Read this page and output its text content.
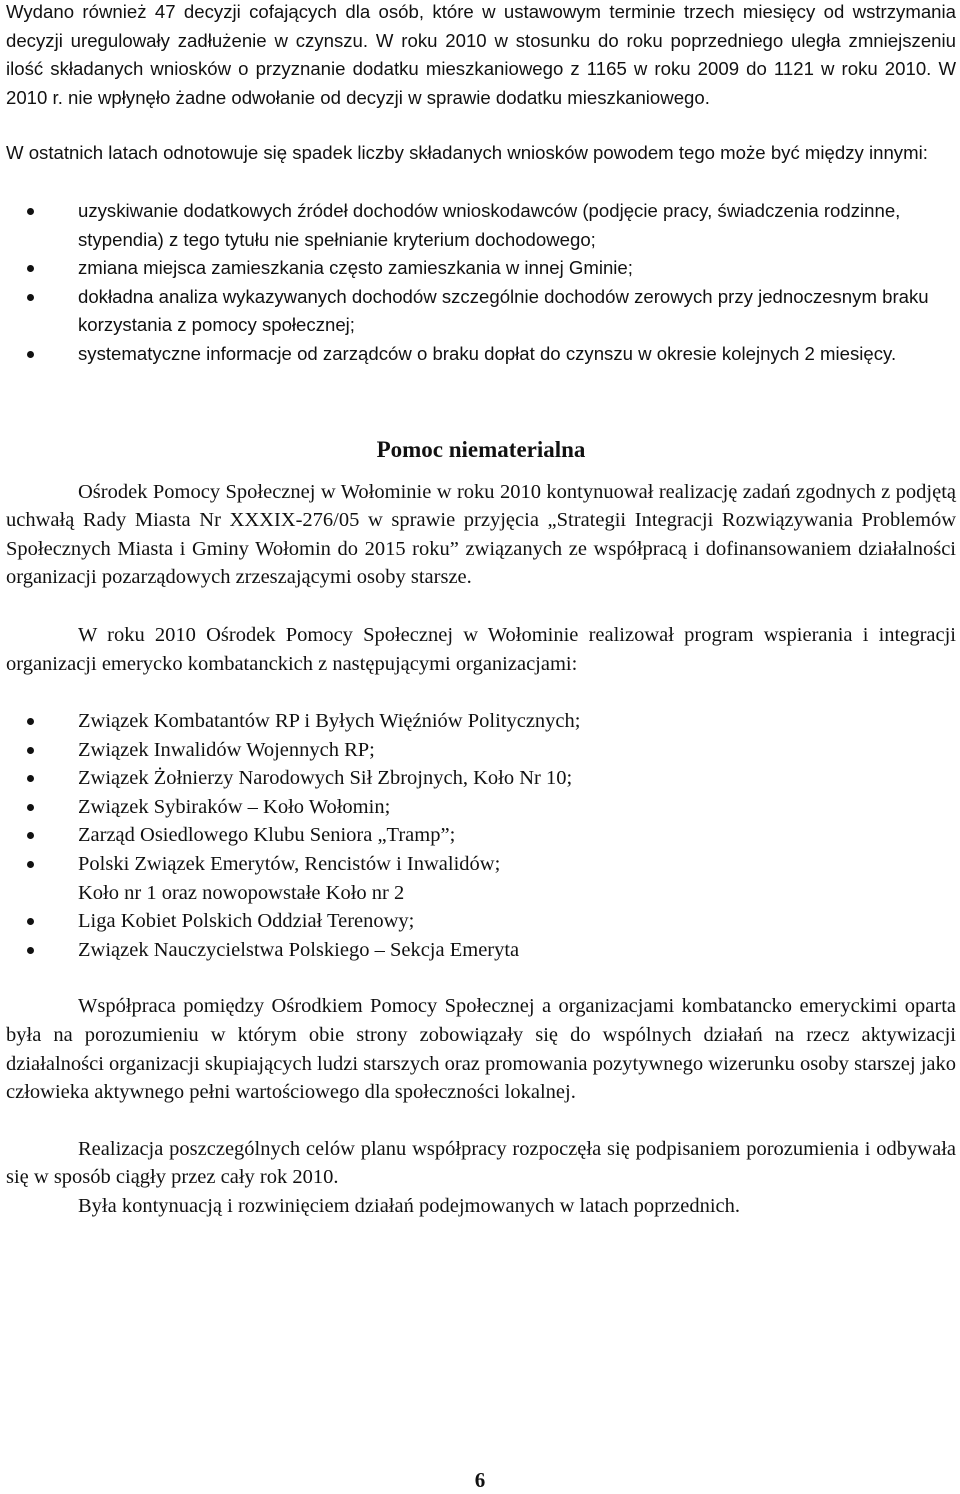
Wydano również 47 decyzji cofających dla osób, które w ustawowym terminie trzech miesięcy od wstrzymania decyzji uregulowały zadłużenie w czynszu. W roku 2010 w stosunku do roku poprzedniego uległa zmniejszeniu ilość składanych wniosków o przyznanie dodatku mieszkaniowego z 1165 w roku 2009 do 1121 w roku 2010. W 2010 r. nie wpłynęło żadne odwołanie od decyzji w sprawie dodatku mieszkaniowego.

W ostatnich latach odnotowuje się spadek liczby składanych wniosków powodem tego może być między innymi:

uzyskiwanie dodatkowych źródeł dochodów wnioskodawców (podjęcie pracy, świadczenia rodzinne, stypendia) z tego tytułu nie spełnianie kryterium dochodowego;
zmiana miejsca zamieszkania często zamieszkania w innej Gminie;
dokładna analiza wykazywanych dochodów szczególnie dochodów zerowych przy jednoczesnym braku korzystania z pomocy społecznej;
systematyczne informacje od zarządców o braku dopłat do czynszu w okresie kolejnych 2 miesięcy.
Pomoc niematerialna

Ośrodek Pomocy Społecznej w Wołominie w roku 2010 kontynuował realizację zadań zgodnych z podjętą uchwałą Rady Miasta Nr XXXIX-276/05 w sprawie przyjęcia „Strategii Integracji Rozwiązywania Problemów Społecznych Miasta i Gminy Wołomin do 2015 roku” związanych ze współpracą i dofinansowaniem działalności organizacji pozarządowych zrzeszającymi osoby starsze.

W roku 2010 Ośrodek Pomocy Społecznej w Wołominie realizował program wspierania i integracji organizacji emerycko kombatanckich z następującymi organizacjami:

Związek Kombatantów RP i Byłych Więźniów Politycznych;
Związek Inwalidów Wojennych RP;
Związek Żołnierzy Narodowych Sił Zbrojnych, Koło Nr 10;
Związek Sybiraków – Koło Wołomin;
Zarząd Osiedlowego Klubu Seniora „Tramp”;
Polski Związek Emerytów, Rencistów i Inwalidów;
Koło nr 1 oraz nowopowstałe Koło nr 2
Liga Kobiet Polskich Oddział Terenowy;
Związek Nauczycielstwa Polskiego – Sekcja Emeryta

Współpraca pomiędzy Ośrodkiem Pomocy Społecznej a organizacjami kombatancko emeryckimi oparta była na porozumieniu w którym obie strony zobowiązały się do wspólnych działań na rzecz aktywizacji działalności organizacji skupiających ludzi starszych oraz promowania pozytywnego wizerunku osoby starszej jako człowieka aktywnego pełni wartościowego dla społeczności lokalnej.

Realizacja poszczególnych celów planu współpracy rozpoczęła się podpisaniem porozumienia i odbywała się w sposób ciągły przez cały rok 2010.

Była kontynuacją i rozwinięciem działań podejmowanych w latach poprzednich.

6
